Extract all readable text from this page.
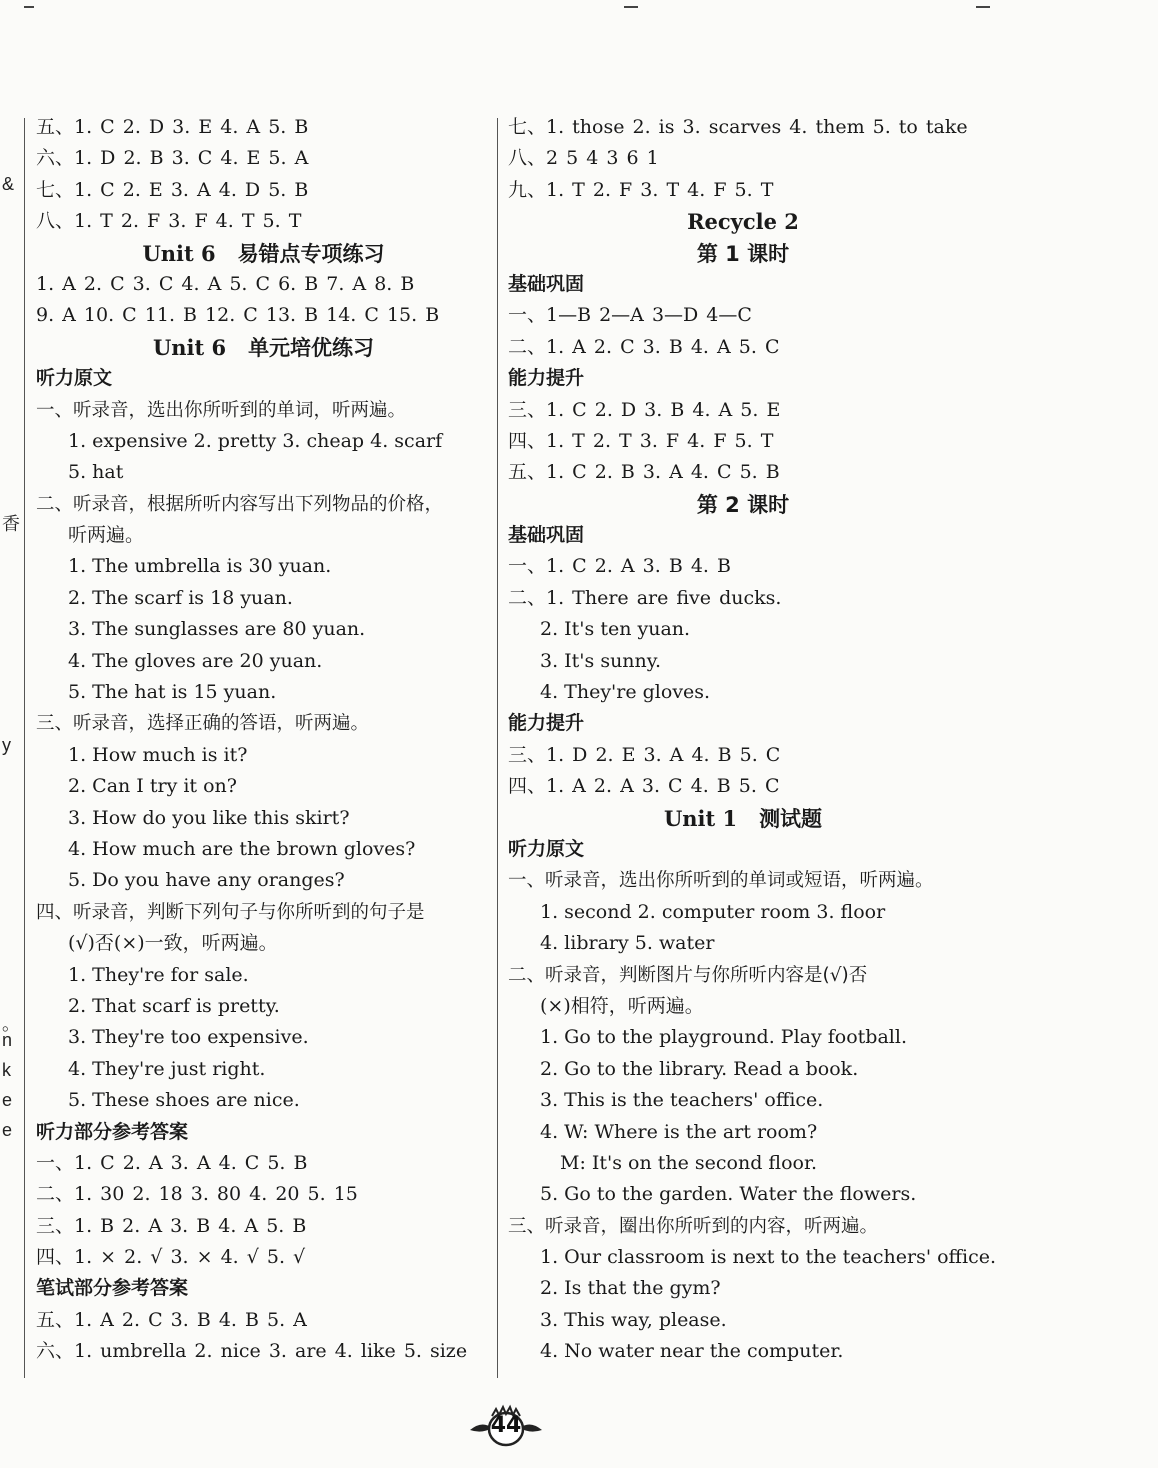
&
香
y
。
n
k
e
e
五、1. C 2. D 3. E 4. A 5. B
六、1. D 2. B 3. C 4. E 5. A
七、1. C 2. E 3. A 4. D 5. B
八、1. T 2. F 3. F 4. T 5. T
Unit 6 易错点专项练习
1. A 2. C 3. C 4. A 5. C 6. B 7. A 8. B
9. A 10. C 11. B 12. C 13. B 14. C 15. B
Unit 6 单元培优练习
听力原文
一、听录音，选出你所听到的单词，听两遍。
1. expensive 2. pretty 3. cheap 4. scarf
5. hat
二、听录音，根据所听内容写出下列物品的价格，
听两遍。
1. The umbrella is 30 yuan.
2. The scarf is 18 yuan.
3. The sunglasses are 80 yuan.
4. The gloves are 20 yuan.
5. The hat is 15 yuan.
三、听录音，选择正确的答语，听两遍。
1. How much is it?
2. Can I try it on?
3. How do you like this skirt?
4. How much are the brown gloves?
5. Do you have any oranges?
四、听录音，判断下列句子与你所听到的句子是
(√)否(×)一致，听两遍。
1. They're for sale.
2. That scarf is pretty.
3. They're too expensive.
4. They're just right.
5. These shoes are nice.
听力部分参考答案
一、1. C 2. A 3. A 4. C 5. B
二、1. 30 2. 18 3. 80 4. 20 5. 15
三、1. B 2. A 3. B 4. A 5. B
四、1. × 2. √ 3. × 4. √ 5. √
笔试部分参考答案
五、1. A 2. C 3. B 4. B 5. A
六、1. umbrella 2. nice 3. are 4. like 5. size
七、1. those 2. is 3. scarves 4. them 5. to take
八、2 5 4 3 6 1
九、1. T 2. F 3. T 4. F 5. T
Recycle 2
第 1 课时
基础巩固
一、1—B 2—A 3—D 4—C
二、1. A 2. C 3. B 4. A 5. C
能力提升
三、1. C 2. D 3. B 4. A 5. E
四、1. T 2. T 3. F 4. F 5. T
五、1. C 2. B 3. A 4. C 5. B
第 2 课时
基础巩固
一、1. C 2. A 3. B 4. B
二、1. There are five ducks.
2. It's ten yuan.
3. It's sunny.
4. They're gloves.
能力提升
三、1. D 2. E 3. A 4. B 5. C
四、1. A 2. A 3. C 4. B 5. C
Unit 1 测试题
听力原文
一、听录音，选出你所听到的单词或短语，听两遍。
1. second 2. computer room 3. floor
4. library 5. water
二、听录音，判断图片与你所听内容是(√)否
(×)相符，听两遍。
1. Go to the playground. Play football.
2. Go to the library. Read a book.
3. This is the teachers' office.
4. W: Where is the art room?
M: It's on the second floor.
5. Go to the garden. Water the flowers.
三、听录音，圈出你所听到的内容，听两遍。
1. Our classroom is next to the teachers' office.
2. Is that the gym?
3. This way, please.
4. No water near the computer.
44
